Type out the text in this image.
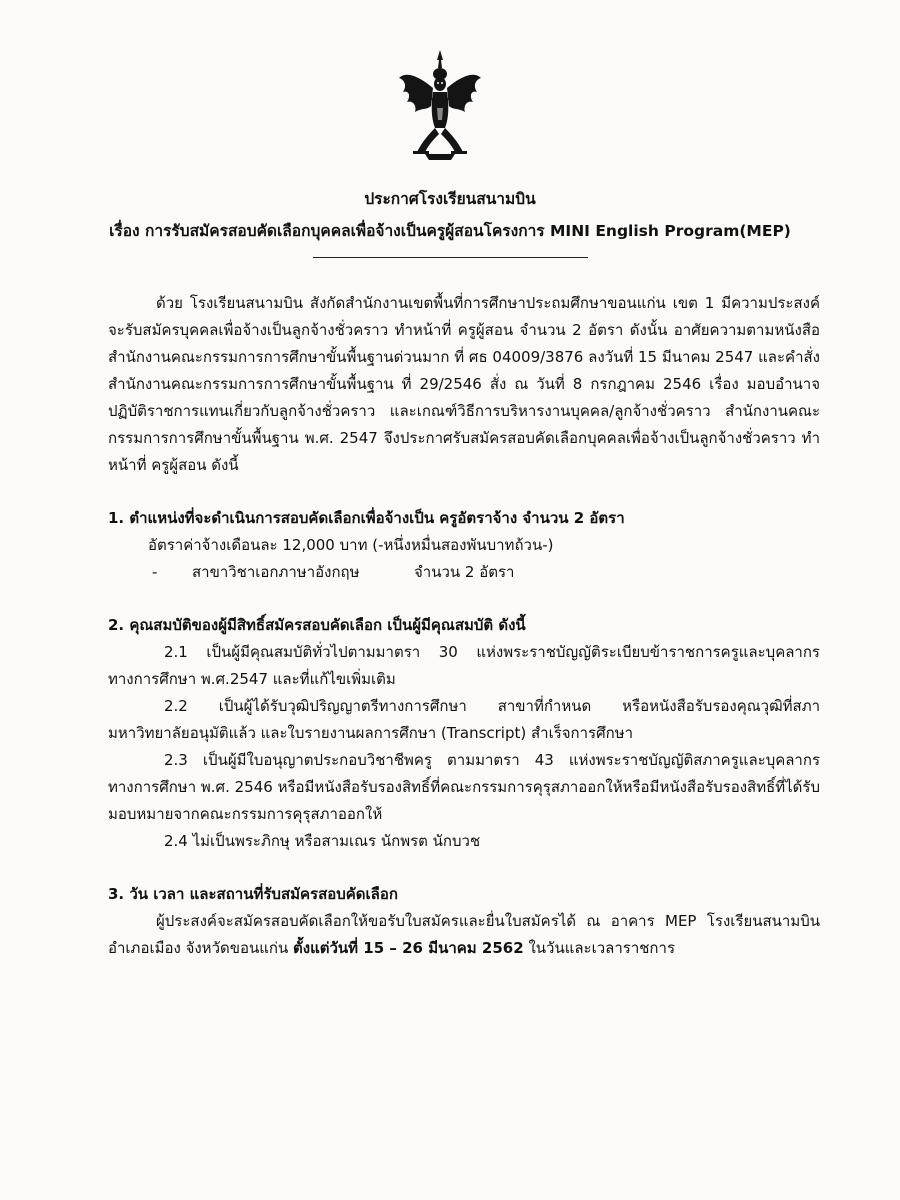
ประกาศโรงเรียนสนามบิน
เรื่อง การรับสมัครสอบคัดเลือกบุคคลเพื่อจ้างเป็นครูผู้สอนโครงการ MINI English Program(MEP)

ด้วย โรงเรียนสนามบิน สังกัดสำนักงานเขตพื้นที่การศึกษาประถมศึกษาขอนแก่น เขต 1 มีความประสงค์จะรับสมัครบุคคลเพื่อจ้างเป็นลูกจ้างชั่วคราว ทำหน้าที่ ครูผู้สอน จำนวน 2 อัตรา ดังนั้น อาศัยความตามหนังสือสำนักงานคณะกรรมการการศึกษาขั้นพื้นฐานด่วนมาก ที่ ศธ 04009/3876 ลงวันที่ 15 มีนาคม 2547 และคำสั่งสำนักงานคณะกรรมการการศึกษาขั้นพื้นฐาน ที่ 29/2546 สั่ง ณ วันที่ 8 กรกฎาคม 2546 เรื่อง มอบอำนาจปฏิบัติราชการแทนเกี่ยวกับลูกจ้างชั่วคราว และเกณฑ์วิธีการบริหารงานบุคคล/ลูกจ้างชั่วคราว สำนักงานคณะกรรมการการศึกษาขั้นพื้นฐาน พ.ศ. 2547 จึงประกาศรับสมัครสอบคัดเลือกบุคคลเพื่อจ้างเป็นลูกจ้างชั่วคราว ทำหน้าที่ ครูผู้สอน ดังนี้

1. ตำแหน่งที่จะดำเนินการสอบคัดเลือกเพื่อจ้างเป็น ครูอัตราจ้าง จำนวน 2 อัตรา

อัตราค่าจ้างเดือนละ 12,000 บาท (-หนึ่งหมื่นสองพันบาทถ้วน-)

-	สาขาวิชาเอกภาษาอังกฤษ	จำนวน 2 อัตรา

2. คุณสมบัติของผู้มีสิทธิ์สมัครสอบคัดเลือก เป็นผู้มีคุณสมบัติ ดังนี้

2.1 เป็นผู้มีคุณสมบัติทั่วไปตามมาตรา 30 แห่งพระราชบัญญัติระเบียบข้าราชการครูและบุคลากรทางการศึกษา พ.ศ.2547 และที่แก้ไขเพิ่มเติม

2.2 เป็นผู้ได้รับวุฒิปริญญาตรีทางการศึกษา สาขาที่กำหนด หรือหนังสือรับรองคุณวุฒิที่สภามหาวิทยาลัยอนุมัติแล้ว และใบรายงานผลการศึกษา (Transcript) สำเร็จการศึกษา

2.3 เป็นผู้มีใบอนุญาตประกอบวิชาชีพครู ตามมาตรา 43 แห่งพระราชบัญญัติสภาครูและบุคลากรทางการศึกษา พ.ศ. 2546 หรือมีหนังสือรับรองสิทธิ์ที่คณะกรรมการคุรุสภาออกให้หรือมีหนังสือรับรองสิทธิ์ที่ได้รับมอบหมายจากคณะกรรมการคุรุสภาออกให้

2.4 ไม่เป็นพระภิกษุ หรือสามเณร นักพรต นักบวช

3. วัน เวลา และสถานที่รับสมัครสอบคัดเลือก

ผู้ประสงค์จะสมัครสอบคัดเลือกให้ขอรับใบสมัครและยื่นใบสมัครได้ ณ อาคาร MEP โรงเรียนสนามบิน อำเภอเมือง จังหวัดขอนแก่น ตั้งแต่วันที่ 15 – 26 มีนาคม 2562 ในวันและเวลาราชการ
